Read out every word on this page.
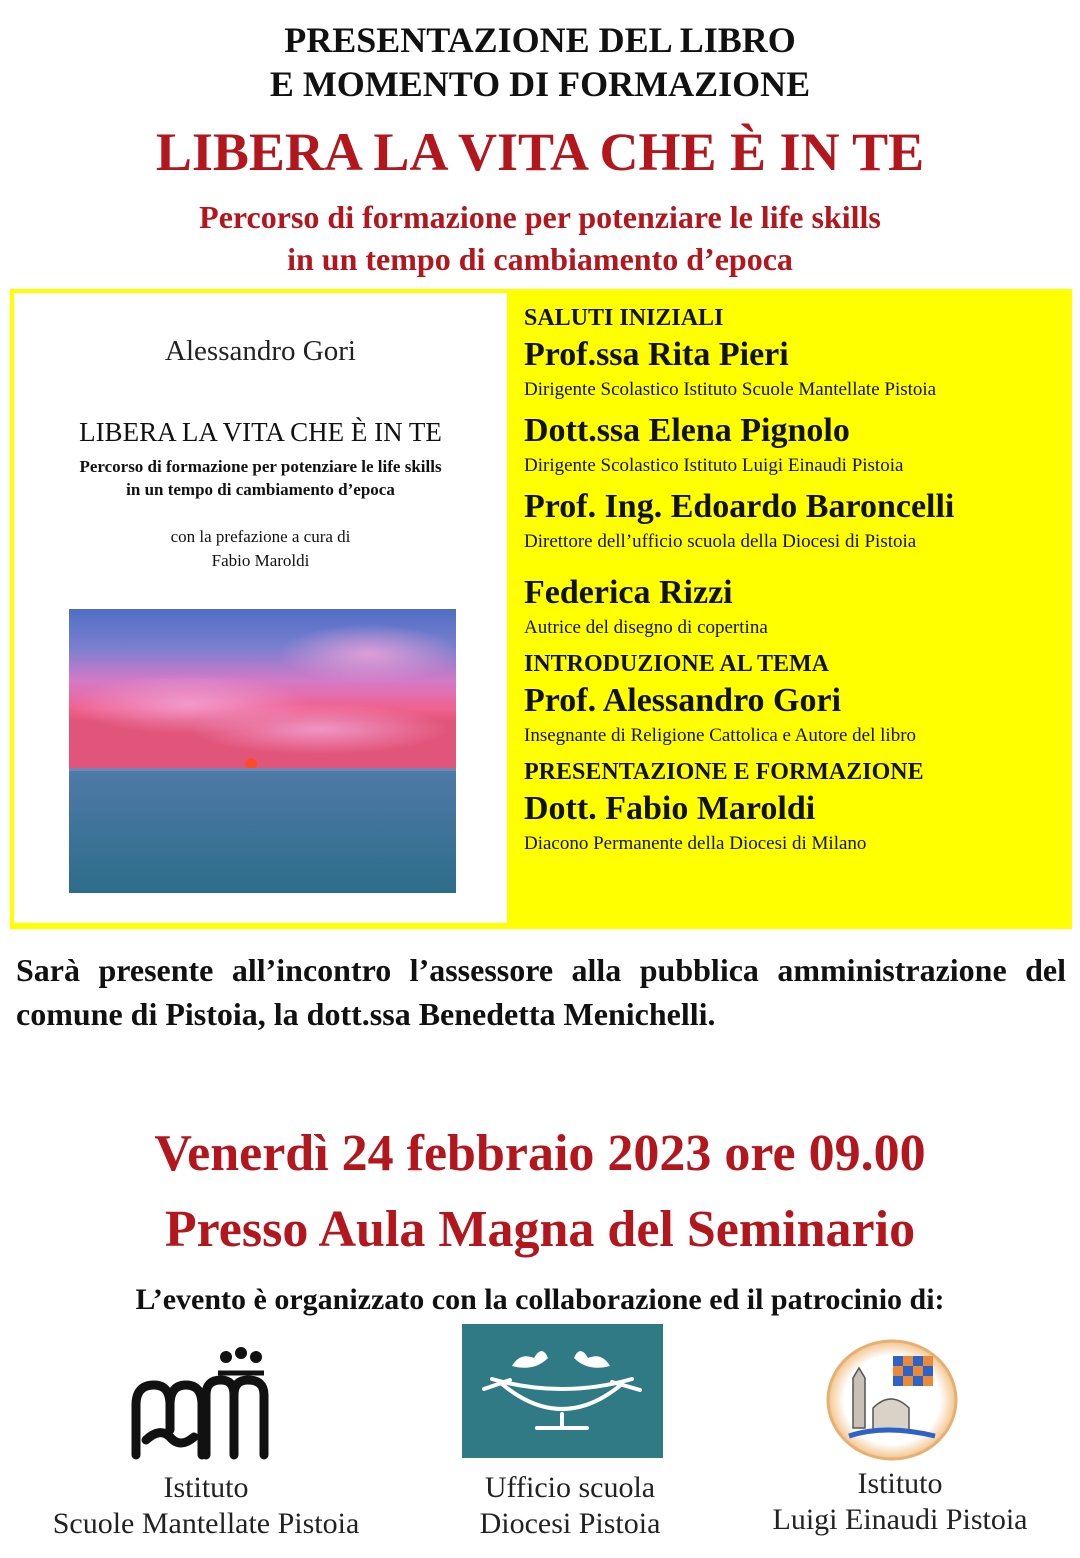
PRESENTAZIONE DEL LIBRO
E MOMENTO DI FORMAZIONE
LIBERA LA VITA CHE È IN TE
Percorso di formazione per potenziare le life skills
in un tempo di cambiamento d’epoca
Alessandro Gori
LIBERA LA VITA CHE È IN TE
Percorso di formazione per potenziare le life skills
in un tempo di cambiamento d’epoca
con la prefazione a cura di
Fabio Maroldi
SALUTI INIZIALI
Prof.ssa Rita Pieri
Dirigente Scolastico Istituto Scuole Mantellate Pistoia
Dott.ssa Elena Pignolo
Dirigente Scolastico Istituto Luigi Einaudi Pistoia
Prof. Ing. Edoardo Baroncelli
Direttore dell’ufficio scuola della Diocesi di Pistoia
Federica Rizzi
Autrice del disegno di copertina
INTRODUZIONE AL TEMA
Prof. Alessandro Gori
Insegnante di Religione Cattolica e Autore del libro
PRESENTAZIONE E FORMAZIONE
Dott. Fabio Maroldi
Diacono Permanente della Diocesi di Milano
Sarà presente all’incontro l’assessore alla pubblica amministrazione del comune di Pistoia, la dott.ssa Benedetta Menichelli.
Venerdì 24 febbraio 2023 ore 09.00
Presso Aula Magna del Seminario
L’evento è organizzato con la collaborazione ed il patrocinio di:
Istituto
Scuole Mantellate Pistoia
Ufficio scuola
Diocesi Pistoia
Istituto
Luigi Einaudi Pistoia
